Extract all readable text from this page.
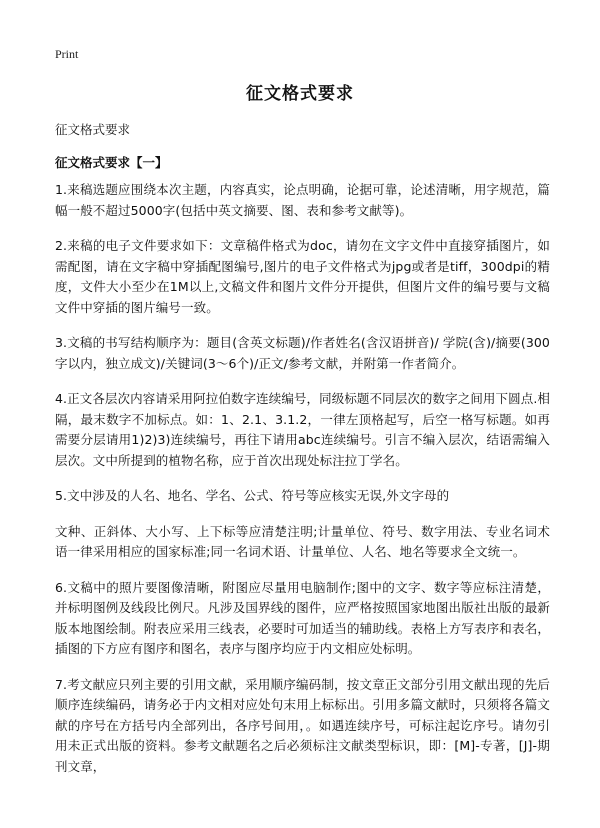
Print
征文格式要求
征文格式要求
征文格式要求【一】

1.来稿选题应围绕本次主题，内容真实，论点明确，论据可靠，论述清晰，用字规范，篇幅一般不超过5000字(包括中英文摘要、图、表和参考文献等)。

2.来稿的电子文件要求如下：文章稿件格式为doc，请勿在文字文件中直接穿插图片，如需配图，请在文字稿中穿插配图编号,图片的电子文件格式为jpg或者是tiff，300dpi的精度，文件大小至少在1M以上,文稿文件和图片文件分开提供，但图片文件的编号要与文稿文件中穿插的图片编号一致。

3.文稿的书写结构顺序为：题目(含英文标题)/作者姓名(含汉语拼音)/ 学院(含)/摘要(300字以内，独立成文)/关键词(3～6个)/正文/参考文献，并附第一作者简介。

4.正文各层次内容请采用阿拉伯数字连续编号，同级标题不同层次的数字之间用下圆点.相隔，最末数字不加标点。如：1、2.1、3.1.2，一律左顶格起写，后空一格写标题。如再需要分层请用1)2)3)连续编号，再往下请用abc连续编号。引言不编入层次，结语需编入层次。文中所提到的植物名称，应于首次出现处标注拉丁学名。

5.文中涉及的人名、地名、学名、公式、符号等应核实无误,外文字母的

文种、正斜体、大小写、上下标等应清楚注明;计量单位、符号、数字用法、专业名词术语一律采用相应的国家标准;同一名词术语、计量单位、人名、地名等要求全文统一。

6.文稿中的照片要图像清晰，附图应尽量用电脑制作;图中的文字、数字等应标注清楚，并标明图例及线段比例尺。凡涉及国界线的图件，应严格按照国家地图出版社出版的最新版本地图绘制。附表应采用三线表，必要时可加适当的辅助线。表格上方写表序和表名，插图的下方应有图序和图名，表序与图序均应于内文相应处标明。

7.考文献应只列主要的引用文献，采用顺序编码制，按文章正文部分引用文献出现的先后顺序连续编码，请务必于内文相对应处句末用上标标出。引用多篇文献时，只须将各篇文献的序号在方括号内全部列出，各序号间用，。如遇连续序号，可标注起讫序号。请勿引用未正式出版的资料。参考文献题名之后必须标注文献类型标识，即：[M]-专著，[J]-期刊文章，
